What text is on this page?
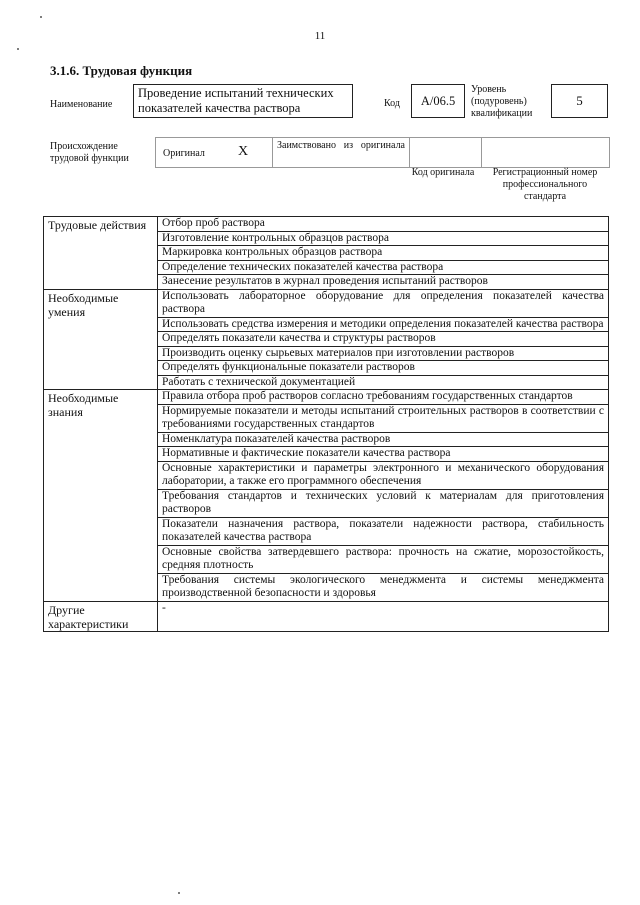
11
3.1.6. Трудовая функция
Наименование
Проведение испытаний технических показателей качества раствора	Код	A/06.5
Уровень (подуровень) квалификации
5
Происхождение трудовой функции	Оригинал X	Заимствовано из оригинала
Код оригинала	Регистрационный номер профессионального стандарта
Трудовые действия	Отбор проб раствора
	Изготовление контрольных образцов раствора
	Маркировка контрольных образцов раствора
	Определение технических показателей качества раствора
	Занесение результатов в журнал проведения испытаний растворов
Необходимые умения	Использовать лабораторное оборудование для определения показателей качества раствора
	Использовать средства измерения и методики определения показателей качества раствора
	Определять показатели качества и структуры растворов
	Производить оценку сырьевых материалов при изготовлении растворов
	Определять функциональные показатели растворов
	Работать с технической документацией
Необходимые знания	Правила отбора проб растворов согласно требованиям государственных стандартов
	Нормируемые показатели и методы испытаний строительных растворов в соответствии с требованиями государственных стандартов
	Номенклатура показателей качества растворов
	Нормативные и фактические показатели качества раствора
	Основные характеристики и параметры электронного и механического оборудования лаборатории, а также его программного обеспечения
	Требования стандартов и технических условий к материалам для приготовления растворов
	Показатели назначения раствора, показатели надежности раствора, стабильность показателей качества раствора
	Основные свойства затвердевшего раствора: прочность на сжатие, морозостойкость, средняя плотность
	Требования системы экологического менеджмента и системы менеджмента производственной безопасности и здоровья
Другие характеристики	-
